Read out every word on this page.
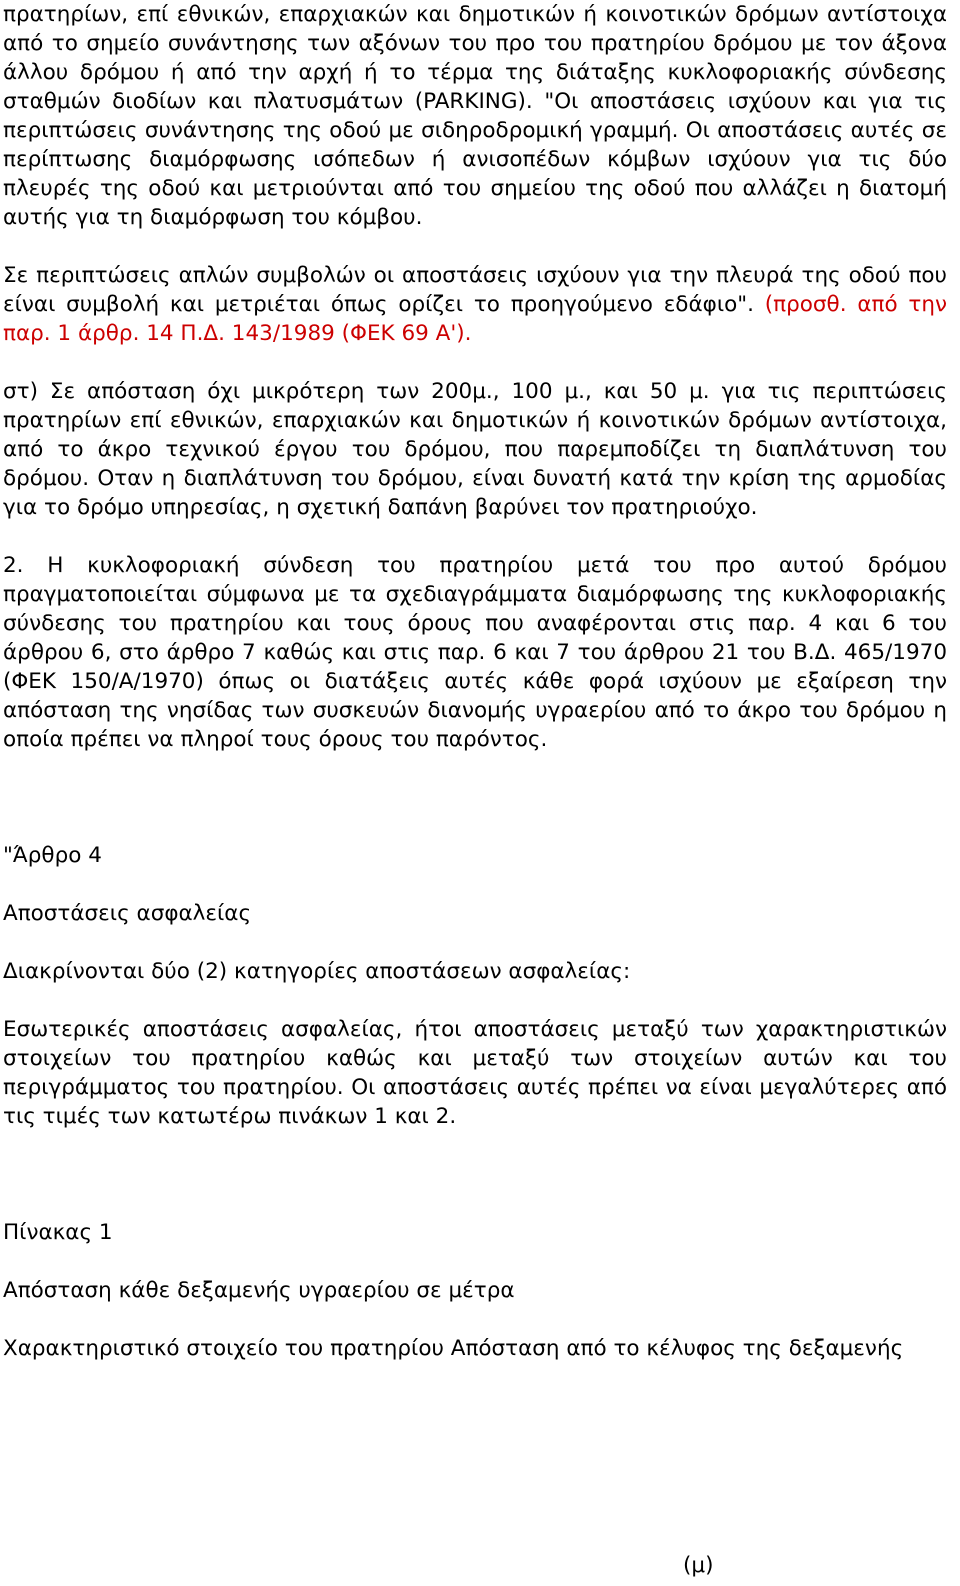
πρατηρίων, επί εθνικών, επαρχιακών και δημοτικών ή κοινοτικών δρόμων αντίστοιχα από το σημείο συνάντησης των αξόνων του προ του πρατηρίου δρόμου με τον άξονα άλλου δρόμου ή από την αρχή ή το τέρμα της διάταξης κυκλοφοριακής σύνδεσης σταθμών διοδίων και πλατυσμάτων (PARKING). "Οι αποστάσεις ισχύουν και για τις περιπτώσεις συνάντησης της οδού με σιδηροδρομική γραμμή. Οι αποστάσεις αυτές σε περίπτωσης διαμόρφωσης ισόπεδων ή ανισοπέδων κόμβων ισχύουν για τις δύο πλευρές της οδού και μετριούνται από του σημείου της οδού που αλλάζει η διατομή αυτής για τη διαμόρφωση του κόμβου.

Σε περιπτώσεις απλών συμβολών οι αποστάσεις ισχύουν για την πλευρά της οδού που είναι συμβολή και μετριέται όπως ορίζει το προηγούμενο εδάφιο". (προσθ. από την παρ. 1 άρθρ. 14 Π.Δ. 143/1989 (ΦΕΚ 69 Α').

στ) Σε απόσταση όχι μικρότερη των 200μ., 100 μ., και 50 μ. για τις περιπτώσεις πρατηρίων επί εθνικών, επαρχιακών και δημοτικών ή κοινοτικών δρόμων αντίστοιχα, από το άκρο τεχνικού έργου του δρόμου, που παρεμποδίζει τη διαπλάτυνση του δρόμου. Οταν η διαπλάτυνση του δρόμου, είναι δυνατή κατά την κρίση της αρμοδίας για το δρόμο υπηρεσίας, η σχετική δαπάνη βαρύνει τον πρατηριούχο.

2. Η κυκλοφοριακή σύνδεση του πρατηρίου μετά του προ αυτού δρόμου πραγματοποιείται σύμφωνα με τα σχεδιαγράμματα διαμόρφωσης της κυκλοφοριακής σύνδεσης του πρατηρίου και τους όρους που αναφέρονται στις παρ. 4 και 6 του άρθρου 6, στο άρθρο 7 καθώς και στις παρ. 6 και 7 του άρθρου 21 του Β.Δ. 465/1970 (ΦΕΚ 150/Α/1970) όπως οι διατάξεις αυτές κάθε φορά ισχύουν με εξαίρεση την απόσταση της νησίδας των συσκευών διανομής υγραερίου από το άκρο του δρόμου η οποία πρέπει να πληροί τους όρους του παρόντος.

"Άρθρο 4

Αποστάσεις ασφαλείας

Διακρίνονται δύο (2) κατηγορίες αποστάσεων ασφαλείας:

Εσωτερικές αποστάσεις ασφαλείας, ήτοι αποστάσεις μεταξύ των χαρακτηριστικών στοιχείων του πρατηρίου καθώς και μεταξύ των στοιχείων αυτών και του περιγράμματος του πρατηρίου. Οι αποστάσεις αυτές πρέπει να είναι μεγαλύτερες από τις τιμές των κατωτέρω πινάκων 1 και 2.

Πίνακας 1

Απόσταση κάθε δεξαμενής υγραερίου σε μέτρα

Χαρακτηριστικό στοιχείο του πρατηρίου Απόσταση από το κέλυφος της δεξαμενής

(μ)
